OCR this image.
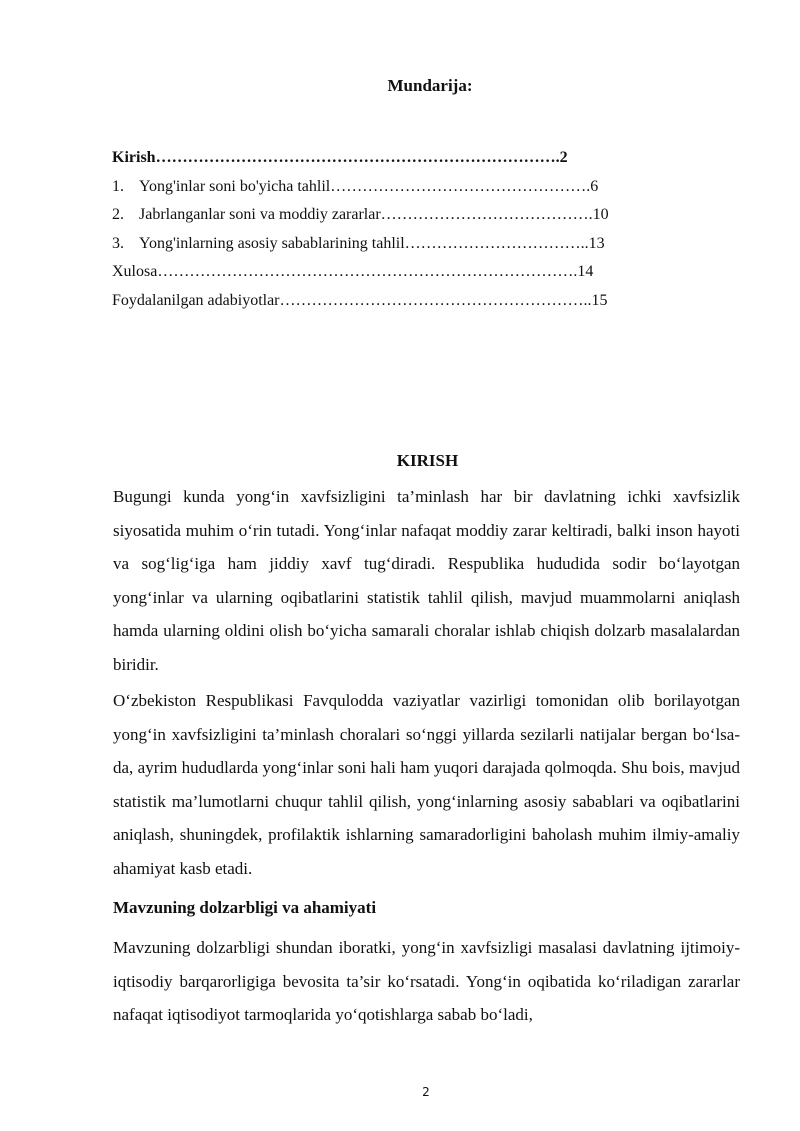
Mundarija:
Kirish………………………………………………………………….2
1. Yong'inlar soni bo'yicha tahlil………………………………………….6
2. Jabrlanganlar soni va moddiy zararlar………………………………….10
3. Yong'inlarning asosiy sabablarining tahlil……………………………..13
Xulosa…………………………………………………………………….14
Foydalanilgan adabiyotlar…………………………………………………..15
KIRISH

Bugungi kunda yong‘in xavfsizligini ta’minlash har bir davlatning ichki xavfsizlik siyosatida muhim o‘rin tutadi. Yong‘inlar nafaqat moddiy zarar keltiradi, balki inson hayoti va sog‘lig‘iga ham jiddiy xavf tug‘diradi. Respublika hududida sodir bo‘layotgan yong‘inlar va ularning oqibatlarini statistik tahlil qilish, mavjud muammolarni aniqlash hamda ularning oldini olish bo‘yicha samarali choralar ishlab chiqish dolzarb masalalardan biridir.

O‘zbekiston Respublikasi Favqulodda vaziyatlar vazirligi tomonidan olib borilayotgan yong‘in xavfsizligini ta’minlash choralari so‘nggi yillarda sezilarli natijalar bergan bo‘lsa-da, ayrim hududlarda yong‘inlar soni hali ham yuqori darajada qolmoqda. Shu bois, mavjud statistik ma’lumotlarni chuqur tahlil qilish, yong‘inlarning asosiy sabablari va oqibatlarini aniqlash, shuningdek, profilaktik ishlarning samaradorligini baholash muhim ilmiy-amaliy ahamiyat kasb etadi.

Mavzuning dolzarbligi va ahamiyati

Mavzuning dolzarbligi shundan iboratki, yong‘in xavfsizligi masalasi davlatning ijtimoiy-iqtisodiy barqarorligiga bevosita ta’sir ko‘rsatadi. Yong‘in oqibatida ko‘riladigan zararlar nafaqat iqtisodiyot tarmoqlarida yo‘qotishlarga sabab bo‘ladi,

2
